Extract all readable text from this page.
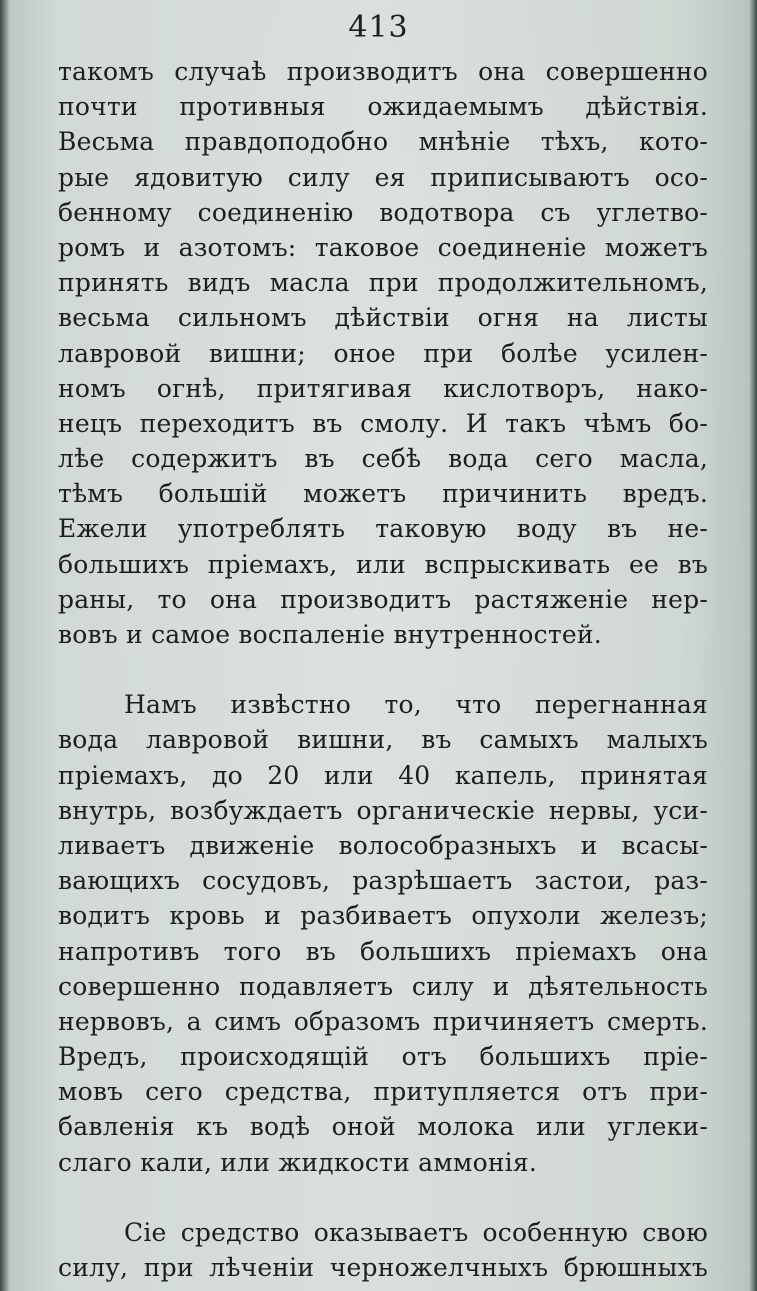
413
такомъ случаѣ производитъ она совершенно
почти противныя ожидаемымъ дѣйствія.
Весьма правдоподобно мнѣніе тѣхъ, кото-
рые ядовитую силу ея приписываютъ осо-
бенному соединенію водотвора съ углетво-
ромъ и азотомъ: таковое соединеніе можетъ
принять видъ масла при продолжительномъ,
весьма сильномъ дѣйствіи огня на листы
лавровой вишни; оное при болѣе усилен-
номъ огнѣ, притягивая кислотворъ, нако-
нецъ переходитъ въ смолу. И такъ чѣмъ бо-
лѣе содержитъ въ себѣ вода сего масла,
тѣмъ большій можетъ причинить вредъ.
Ежели употреблять таковую воду въ не-
большихъ пріемахъ, или вспрыскивать ее въ
раны, то она производитъ растяженіе нер-
вовъ и самое воспаленіе внутренностей.
Намъ извѣстно то, что перегнанная
вода лавровой вишни, въ самыхъ малыхъ
пріемахъ, до 20 или 40 капель, принятая
внутрь, возбуждаетъ органическіе нервы, уси-
ливаетъ движеніе волособразныхъ и всасы-
вающихъ сосудовъ, разрѣшаетъ застои, раз-
водитъ кровь и разбиваетъ опухоли железъ;
напротивъ того въ большихъ пріемахъ она
совершенно подавляетъ силу и дѣятельность
нервовъ, а симъ образомъ причиняетъ смерть.
Вредъ, происходящій отъ большихъ пріе-
мовъ сего средства, притупляется отъ при-
бавленія къ водѣ оной молока или углеки-
слаго кали, или жидкости аммонія.
Сіе средство оказываетъ особенную свою
силу, при лѣченіи черножелчныхъ брюшныхъ
